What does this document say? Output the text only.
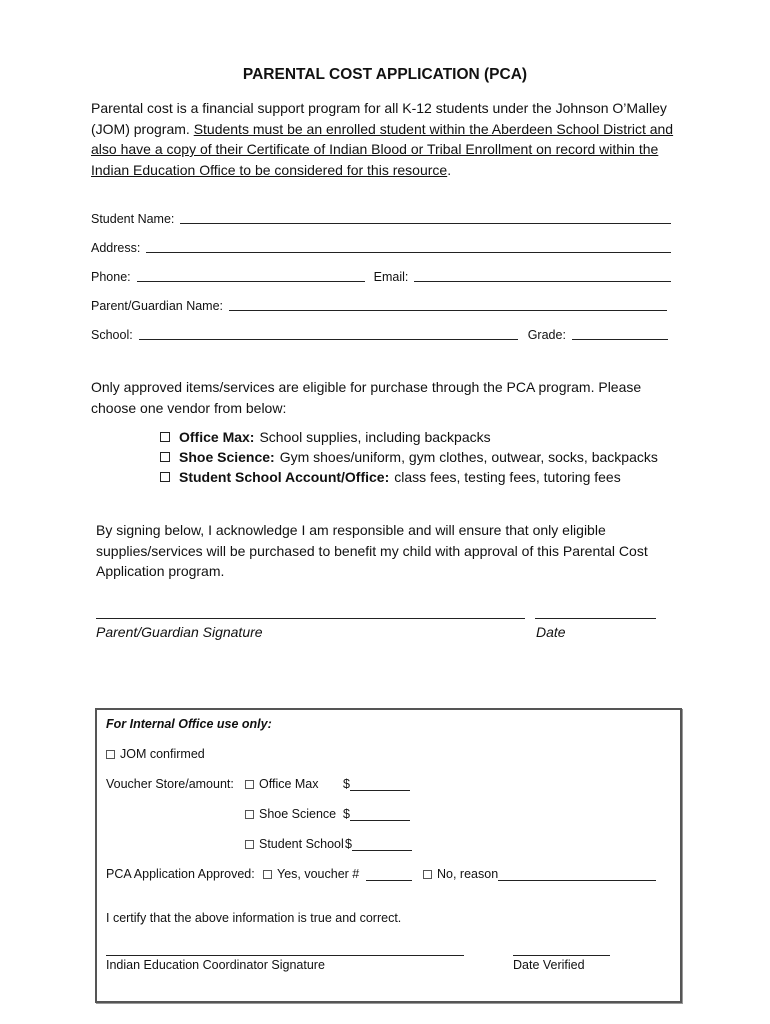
PARENTAL COST APPLICATION (PCA)
Parental cost is a financial support program for all K-12 students under the Johnson O’Malley (JOM) program. Students must be an enrolled student within the Aberdeen School District and also have a copy of their Certificate of Indian Blood or Tribal Enrollment on record within the Indian Education Office to be considered for this resource.
Student Name:
Address:
Phone:	Email:
Parent/Guardian Name:
School:	Grade:
Only approved items/services are eligible for purchase through the PCA program. Please choose one vendor from below:
Office Max: School supplies, including backpacks
Shoe Science: Gym shoes/uniform, gym clothes, outwear, socks, backpacks
Student School Account/Office: class fees, testing fees, tutoring fees
By signing below, I acknowledge I am responsible and will ensure that only eligible supplies/services will be purchased to benefit my child with approval of this Parental Cost Application program.
Parent/Guardian Signature	Date
For Internal Office use only:
JOM confirmed
Voucher Store/amount:	Office Max $
Shoe Science $
Student School $
PCA Application Approved:	Yes, voucher #	No, reason
I certify that the above information is true and correct.
Indian Education Coordinator Signature	Date Verified
